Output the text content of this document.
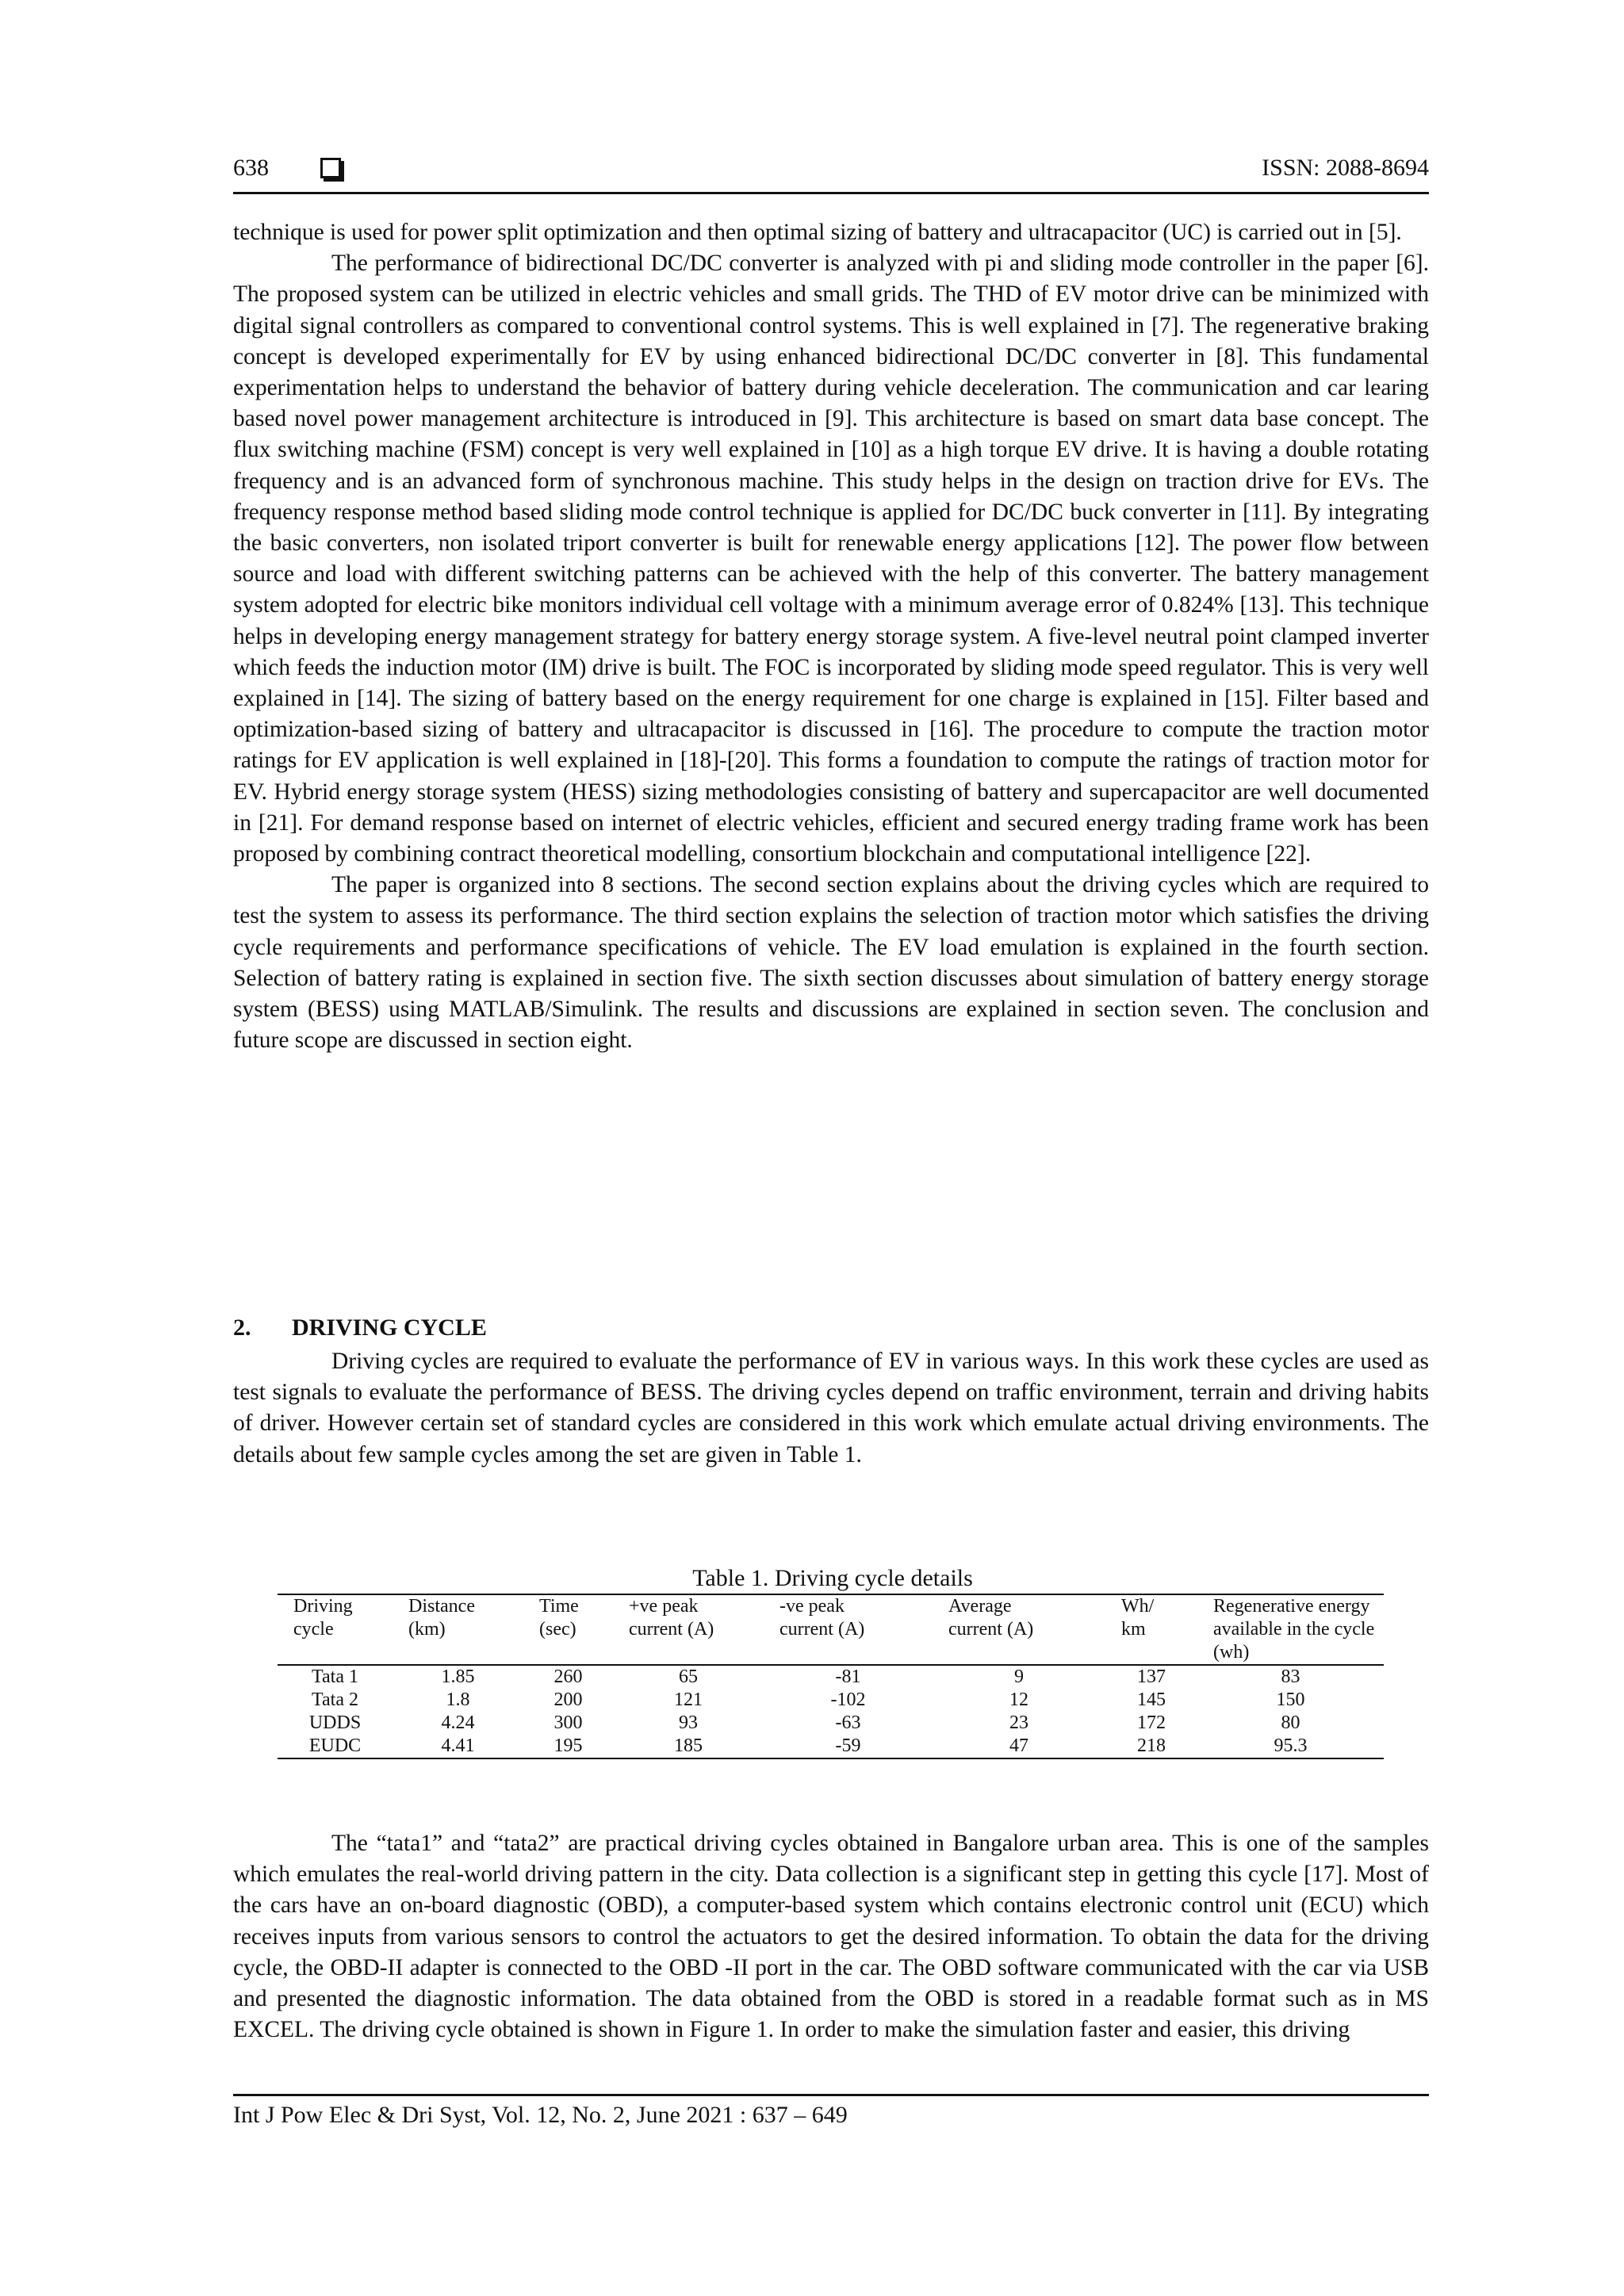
638	ISSN: 2088-8694

technique is used for power split optimization and then optimal sizing of battery and ultracapacitor (UC) is carried out in [5].

The performance of bidirectional DC/DC converter is analyzed with pi and sliding mode controller in the paper [6]. The proposed system can be utilized in electric vehicles and small grids. The THD of EV motor drive can be minimized with digital signal controllers as compared to conventional control systems. This is well explained in [7]. The regenerative braking concept is developed experimentally for EV by using enhanced bidirectional DC/DC converter in [8]. This fundamental experimentation helps to understand the behavior of battery during vehicle deceleration. The communication and car learing based novel power management architecture is introduced in [9]. This architecture is based on smart data base concept. The flux switching machine (FSM) concept is very well explained in [10] as a high torque EV drive. It is having a double rotating frequency and is an advanced form of synchronous machine. This study helps in the design on traction drive for EVs. The frequency response method based sliding mode control technique is applied for DC/DC buck converter in [11]. By integrating the basic converters, non isolated triport converter is built for renewable energy applications [12]. The power flow between source and load with different switching patterns can be achieved with the help of this converter. The battery management system adopted for electric bike monitors individual cell voltage with a minimum average error of 0.824% [13]. This technique helps in developing energy management strategy for battery energy storage system. A five-level neutral point clamped inverter which feeds the induction motor (IM) drive is built. The FOC is incorporated by sliding mode speed regulator. This is very well explained in [14]. The sizing of battery based on the energy requirement for one charge is explained in [15]. Filter based and optimization-based sizing of battery and ultracapacitor is discussed in [16]. The procedure to compute the traction motor ratings for EV application is well explained in [18]-[20]. This forms a foundation to compute the ratings of traction motor for EV. Hybrid energy storage system (HESS) sizing methodologies consisting of battery and supercapacitor are well documented in [21]. For demand response based on internet of electric vehicles, efficient and secured energy trading frame work has been proposed by combining contract theoretical modelling, consortium blockchain and computational intelligence [22].

The paper is organized into 8 sections. The second section explains about the driving cycles which are required to test the system to assess its performance. The third section explains the selection of traction motor which satisfies the driving cycle requirements and performance specifications of vehicle. The EV load emulation is explained in the fourth section. Selection of battery rating is explained in section five. The sixth section discusses about simulation of battery energy storage system (BESS) using MATLAB/Simulink. The results and discussions are explained in section seven. The conclusion and future scope are discussed in section eight.

2. DRIVING CYCLE

Driving cycles are required to evaluate the performance of EV in various ways. In this work these cycles are used as test signals to evaluate the performance of BESS. The driving cycles depend on traffic environment, terrain and driving habits of driver. However certain set of standard cycles are considered in this work which emulate actual driving environments. The details about few sample cycles among the set are given in Table 1.

Table 1. Driving cycle details
Driving	Distance	Time	+ve peak	-ve peak	Average	Wh/	Regenerative energy
cycle	(km)	(sec)	current (A)	current (A)	current (A)	km	available in the cycle (wh)
Tata 1	1.85	260	65	-81	9	137	83
Tata 2	1.8	200	121	-102	12	145	150
UDDS	4.24	300	93	-63	23	172	80
EUDC	4.41	195	185	-59	47	218	95.3

The “tata1” and “tata2” are practical driving cycles obtained in Bangalore urban area. This is one of the samples which emulates the real-world driving pattern in the city. Data collection is a significant step in getting this cycle [17]. Most of the cars have an on-board diagnostic (OBD), a computer-based system which contains electronic control unit (ECU) which receives inputs from various sensors to control the actuators to get the desired information. To obtain the data for the driving cycle, the OBD-II adapter is connected to the OBD -II port in the car. The OBD software communicated with the car via USB and presented the diagnostic information. The data obtained from the OBD is stored in a readable format such as in MS EXCEL. The driving cycle obtained is shown in Figure 1. In order to make the simulation faster and easier, this driving

Int J Pow Elec & Dri Syst, Vol. 12, No. 2, June 2021 : 637 – 649
